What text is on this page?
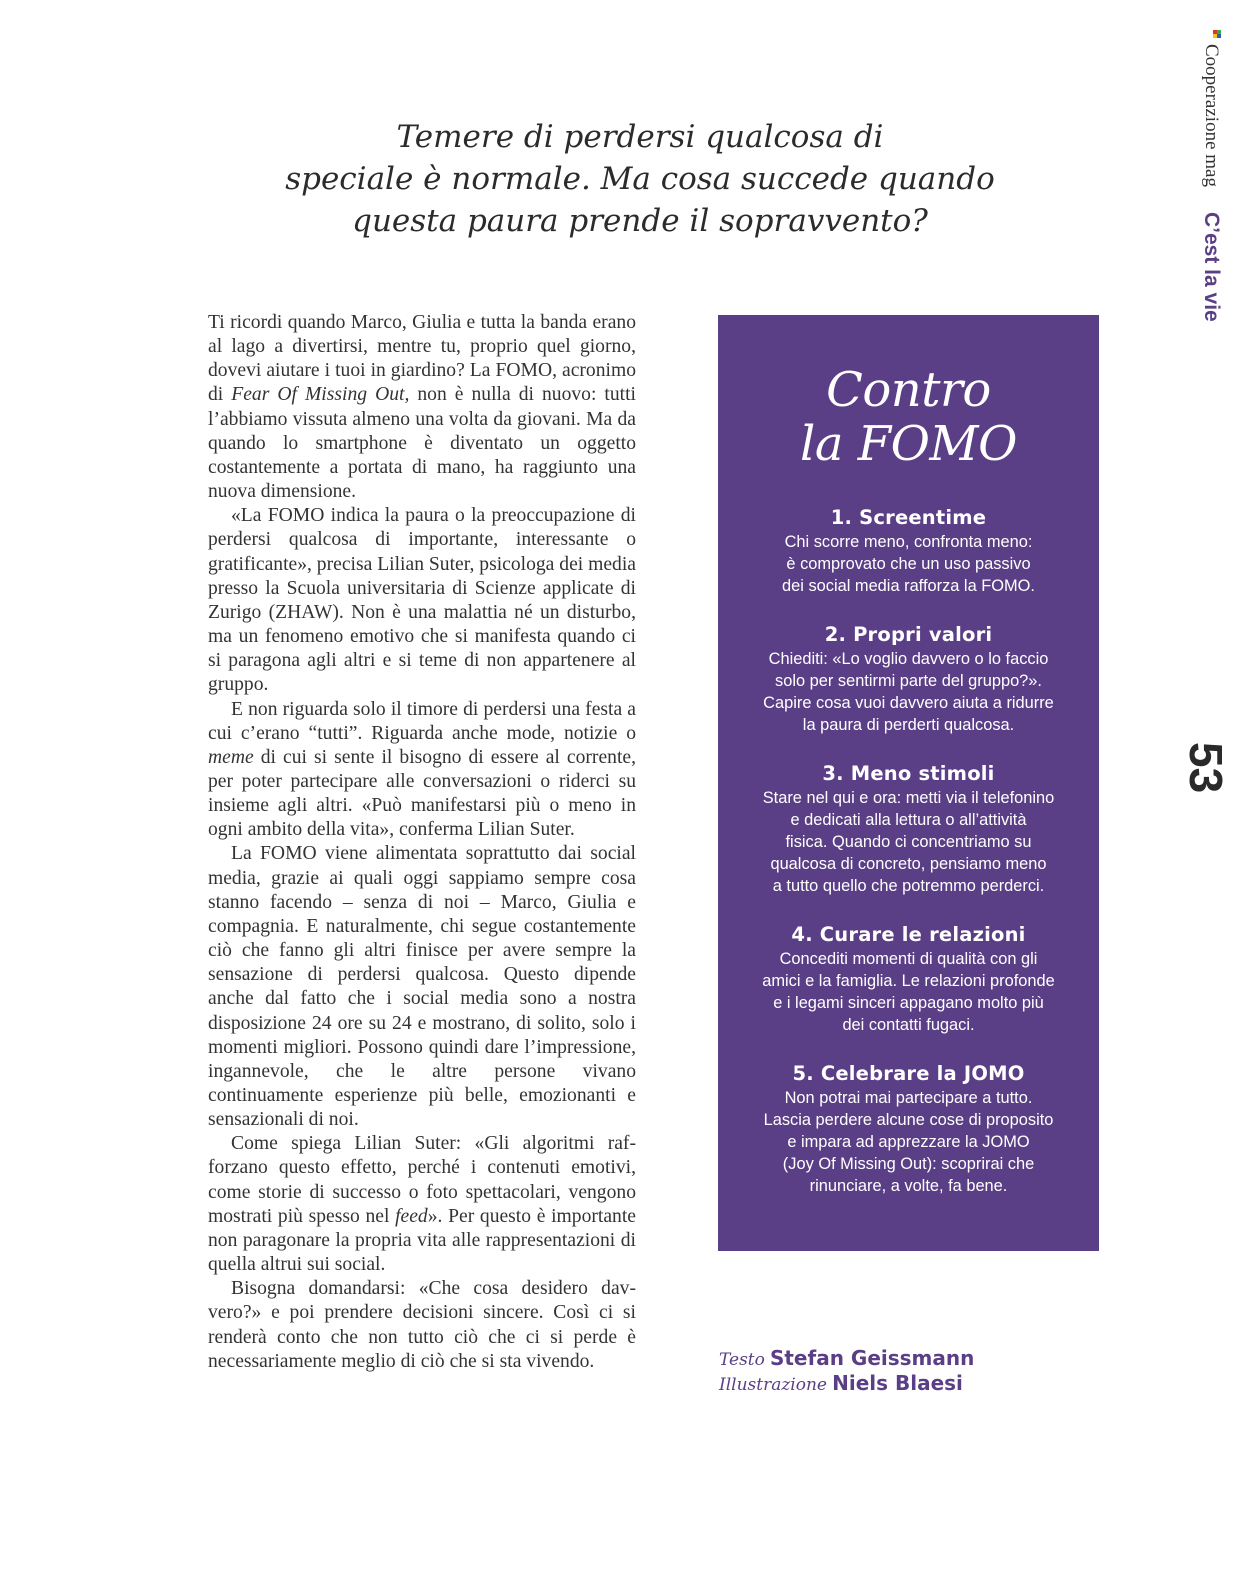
Cooperazione mag C’est la vie
53

Temere di perdersi qualcosa di
speciale è normale. Ma cosa succede quando
questa paura prende il sopravvento?

Ti ricordi quando Marco, Giulia e tutta la banda erano al lago a divertirsi, mentre tu, proprio quel giorno, dovevi aiutare i tuoi in giardino? La FOMO, acronimo di Fear Of Missing Out, non è nulla di nuovo: tutti l’abbiamo vissuta almeno una volta da giovani. Ma da quando lo smartphone è diventato un oggetto costantemente a portata di mano, ha raggiunto una nuova dimensione.

«La FOMO indica la paura o la preoccupazione di perdersi qualcosa di importante, interessante o gratificante», precisa Lilian Suter, psicologa dei media presso la Scuola universitaria di Scienze applicate di Zurigo (ZHAW). Non è una malattia né un disturbo, ma un fenomeno emotivo che si manifesta quando ci si paragona agli altri e si teme di non appartenere al gruppo.

E non riguarda solo il timore di perdersi una festa a cui c’erano “tutti”. Riguarda anche mode, notizie o meme di cui si sente il bisogno di essere al corrente, per poter partecipare alle conversazioni o riderci su insieme agli altri. «Può manifestarsi più o meno in ogni ambito della vita», conferma Lilian Suter.

La FOMO viene alimentata soprattutto dai social media, grazie ai quali oggi sappiamo sempre cosa stanno facendo – senza di noi – Marco, Giulia e compagnia. E naturalmente, chi segue costantemente ciò che fanno gli altri finisce per avere sempre la sensazione di perdersi qualcosa. Questo dipende anche dal fatto che i social media sono a nostra disposizione 24 ore su 24 e mostrano, di solito, solo i momenti migliori. Possono quindi dare l’impressione, ingannevole, che le altre persone vivano continuamente esperienze più belle, emozionanti e sensazionali di noi.

Come spiega Lilian Suter: «Gli algoritmi rafforzano questo effetto, perché i contenuti emotivi, come storie di successo o foto spettacolari, vengono mostrati più spesso nel feed». Per questo è importante non paragonare la propria vita alle rappresentazioni di quella altrui sui social.

Bisogna domandarsi: «Che cosa desidero davvero?» e poi prendere decisioni sincere. Così ci si renderà conto che non tutto ciò che ci si perde è necessariamente meglio di ciò che si sta vivendo.

Contro
la FOMO
1. Screentime
Chi scorre meno, confronta meno:
è comprovato che un uso passivo
dei social media rafforza la FOMO.
2. Propri valori
Chiediti: «Lo voglio davvero o lo faccio
solo per sentirmi parte del gruppo?».
Capire cosa vuoi davvero aiuta a ridurre
la paura di perderti qualcosa.
3. Meno stimoli
Stare nel qui e ora: metti via il telefonino
e dedicati alla lettura o all’attività
fisica. Quando ci concentriamo su
qualcosa di concreto, pensiamo meno
a tutto quello che potremmo perderci.
4. Curare le relazioni
Concediti momenti di qualità con gli
amici e la famiglia. Le relazioni profonde
e i legami sinceri appagano molto più
dei contatti fugaci.
5. Celebrare la JOMO
Non potrai mai partecipare a tutto.
Lascia perdere alcune cose di proposito
e impara ad apprezzare la JOMO
(Joy Of Missing Out): scoprirai che
rinunciare, a volte, fa bene.
Testo Stefan Geissmann
Illustrazione Niels Blaesi
